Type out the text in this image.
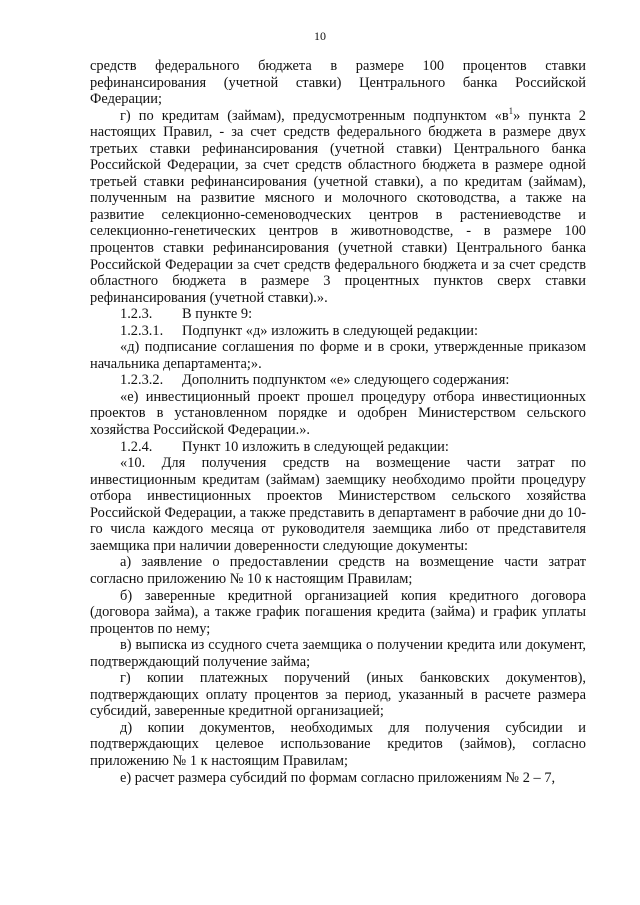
10

средств федерального бюджета в размере 100 процентов ставки рефинансирования (учетной ставки) Центрального банка Российской Федерации;

г) по кредитам (займам), предусмотренным подпунктом «$в^1$» пункта 2 настоящих Правил, - за счет средств федерального бюджета в размере двух третьих ставки рефинансирования (учетной ставки) Центрального банка Российской Федерации, за счет средств областного бюджета в размере одной третьей ставки рефинансирования (учетной ставки), а по кредитам (займам), полученным на развитие мясного и молочного скотоводства, а также на развитие селекционно-семеноводческих центров в растениеводстве и селекционно-генетических центров в животноводстве, - в размере 100 процентов ставки рефинансирования (учетной ставки) Центрального банка Российской Федерации за счет средств федерального бюджета и за счет средств областного бюджета в размере 3 процентных пунктов сверх ставки рефинансирования (учетной ставки).».

1.2.3. В пункте 9:

1.2.3.1. Подпункт «д» изложить в следующей редакции:

«д) подписание соглашения по форме и в сроки, утвержденные приказом начальника департамента;».

1.2.3.2. Дополнить подпунктом «е» следующего содержания:

«е) инвестиционный проект прошел процедуру отбора инвестиционных проектов в установленном порядке и одобрен Министерством сельского хозяйства Российской Федерации.».

1.2.4. Пункт 10 изложить в следующей редакции:

«10. Для получения средств на возмещение части затрат по инвестиционным кредитам (займам) заемщику необходимо пройти процедуру отбора инвестиционных проектов Министерством сельского хозяйства Российской Федерации, а также представить в департамент в рабочие дни до 10-го числа каждого месяца от руководителя заемщика либо от представителя заемщика при наличии доверенности следующие документы:

а) заявление о предоставлении средств на возмещение части затрат согласно приложению № 10 к настоящим Правилам;

б) заверенные кредитной организацией копия кредитного договора (договора займа), а также график погашения кредита (займа) и график уплаты процентов по нему;

в) выписка из ссудного счета заемщика о получении кредита или документ, подтверждающий получение займа;

г) копии платежных поручений (иных банковских документов), подтверждающих оплату процентов за период, указанный в расчете размера субсидий, заверенные кредитной организацией;

д) копии документов, необходимых для получения субсидии и подтверждающих целевое использование кредитов (займов), согласно приложению № 1 к настоящим Правилам;

е) расчет размера субсидий по формам согласно приложениям № 2 – 7,
